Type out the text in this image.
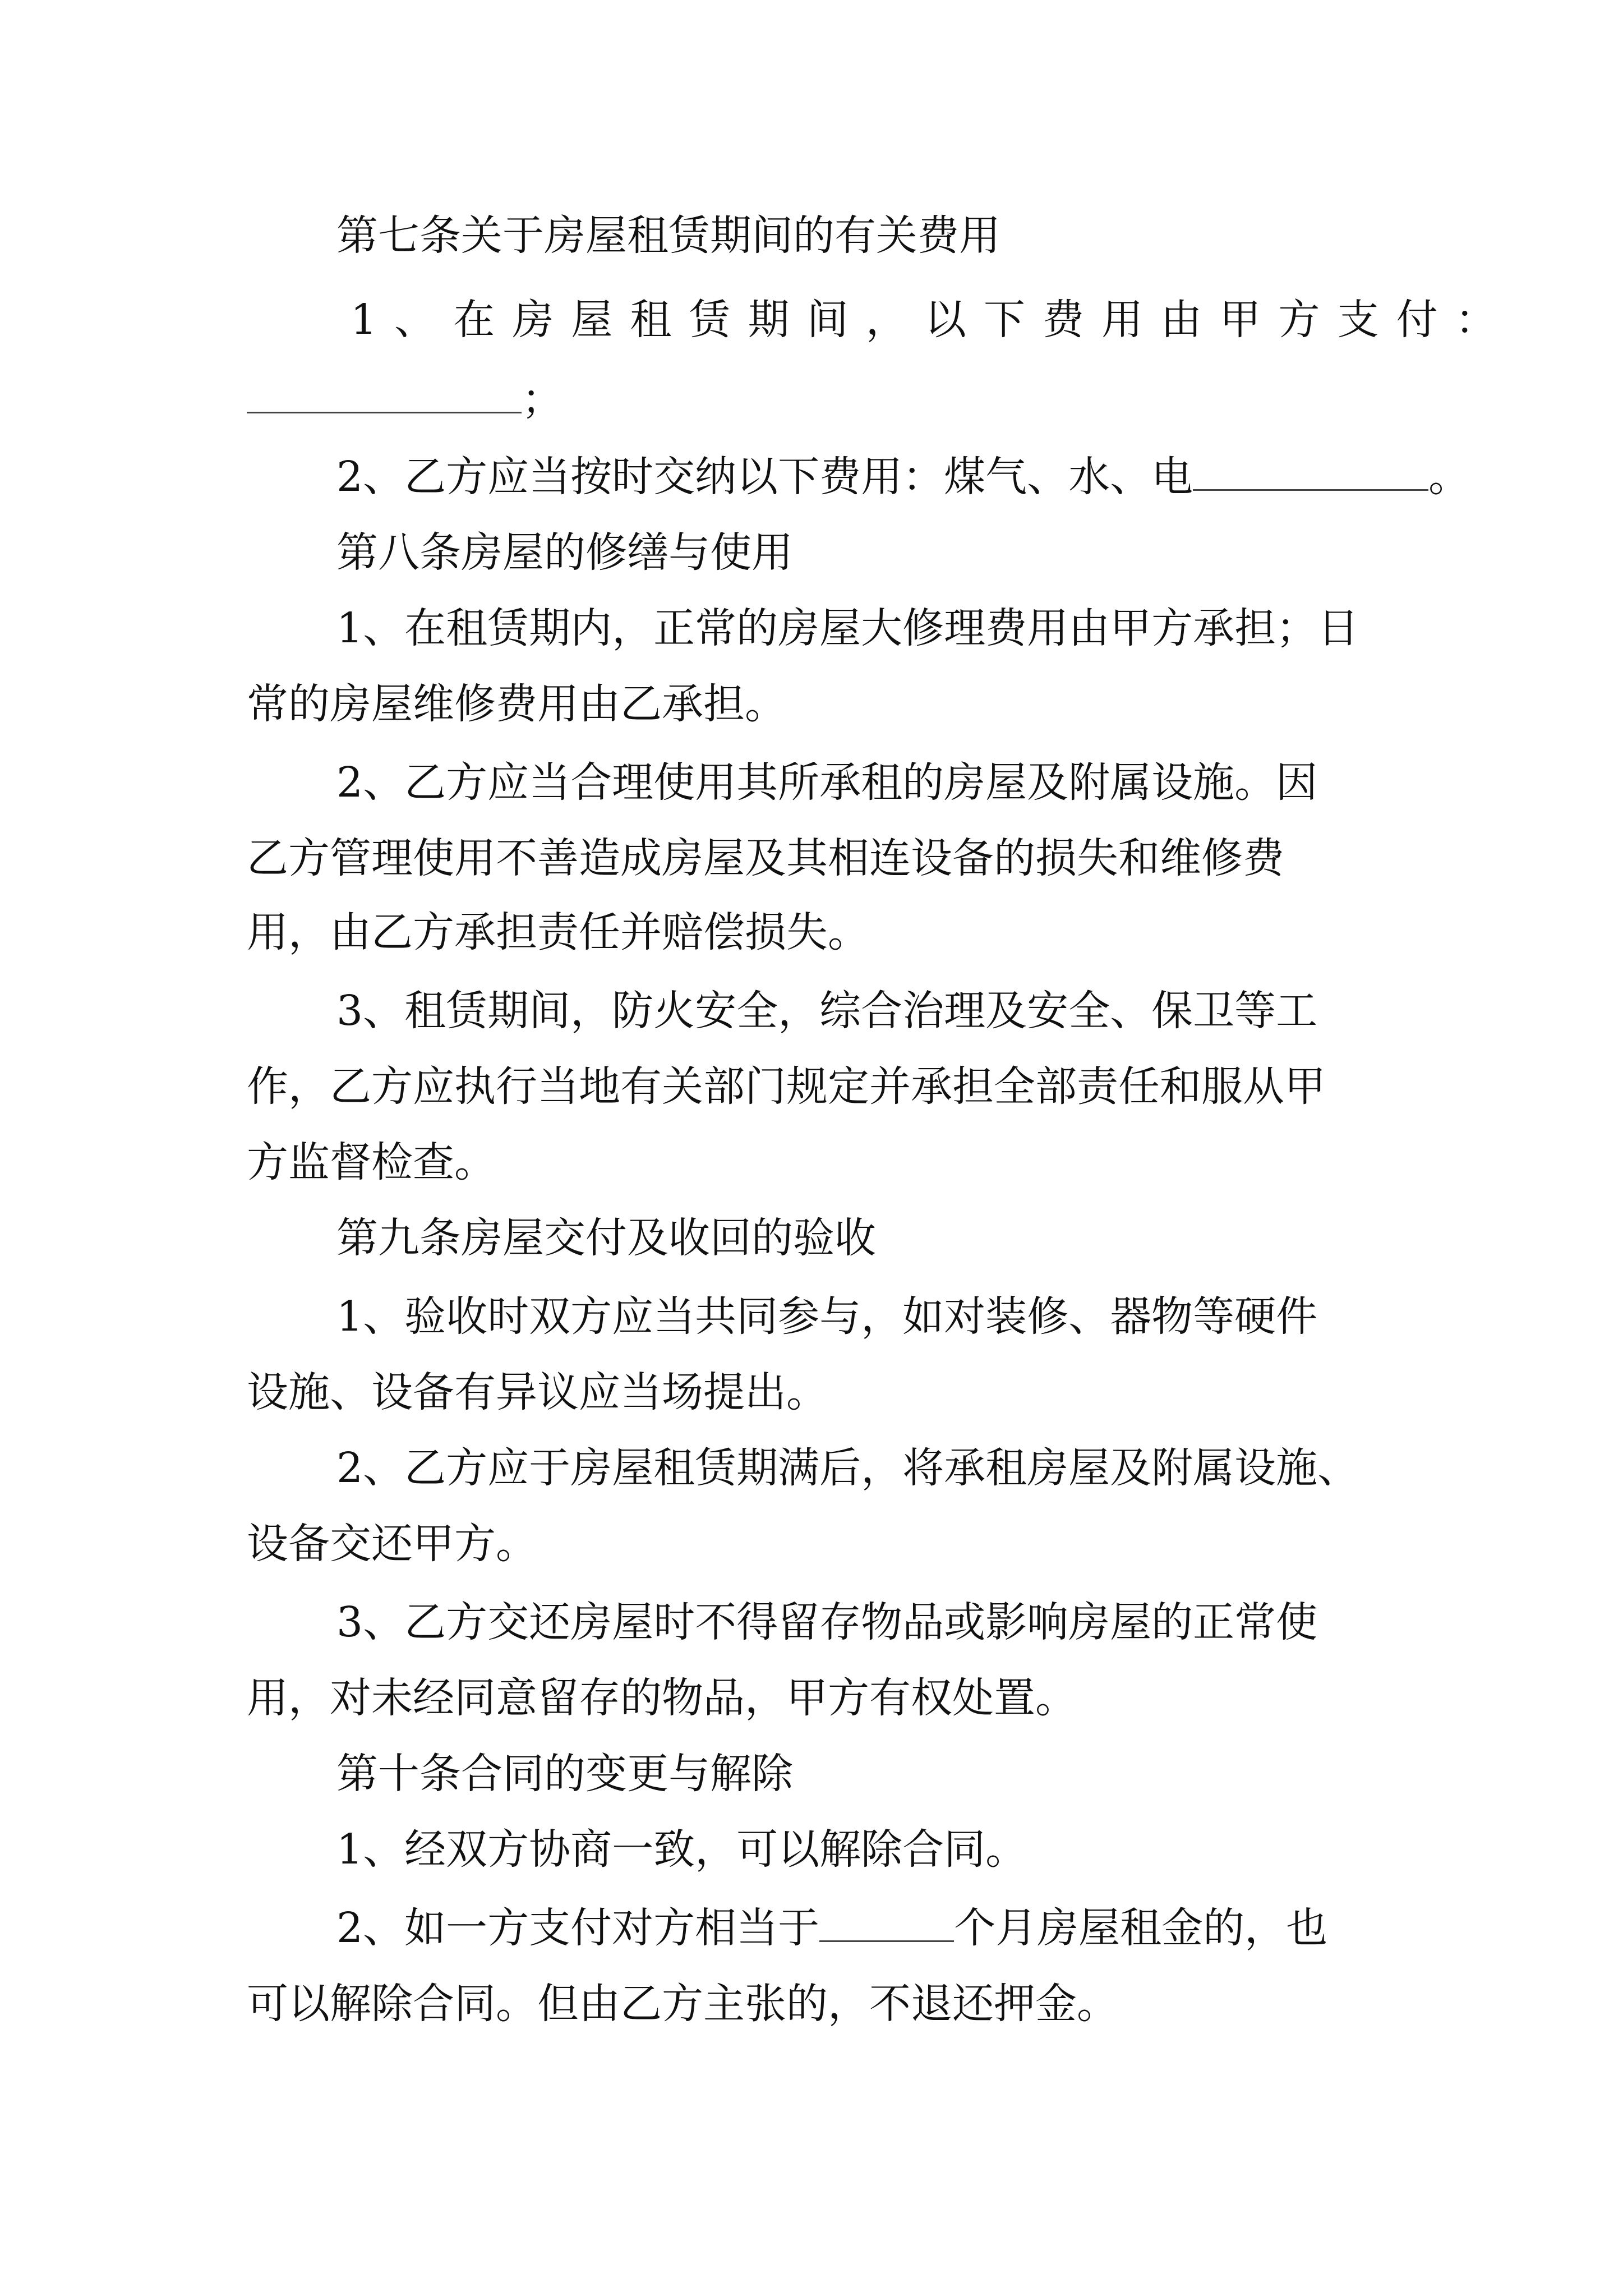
第七条关于房屋租赁期间的有关费用
1、在房屋租赁期间，以下费用由甲方支付：
；
2、乙方应当按时交纳以下费用：煤气、水、电	。
第八条房屋的修缮与使用
1、在租赁期内，正常的房屋大修理费用由甲方承担；日
常的房屋维修费用由乙承担。
2、乙方应当合理使用其所承租的房屋及附属设施。因
乙方管理使用不善造成房屋及其相连设备的损失和维修费
用，由乙方承担责任并赔偿损失。
3、租赁期间，防火安全，综合治理及安全、保卫等工
作，乙方应执行当地有关部门规定并承担全部责任和服从甲
方监督检查。
第九条房屋交付及收回的验收
1、验收时双方应当共同参与，如对装修、器物等硬件
设施、设备有异议应当场提出。
2、乙方应于房屋租赁期满后，将承租房屋及附属设施、
设备交还甲方。
3、乙方交还房屋时不得留存物品或影响房屋的正常使
用，对未经同意留存的物品，甲方有权处置。
第十条合同的变更与解除
1、经双方协商一致，可以解除合同。
2、如一方支付对方相当于	个月房屋租金的，也
可以解除合同。但由乙方主张的，不退还押金。
